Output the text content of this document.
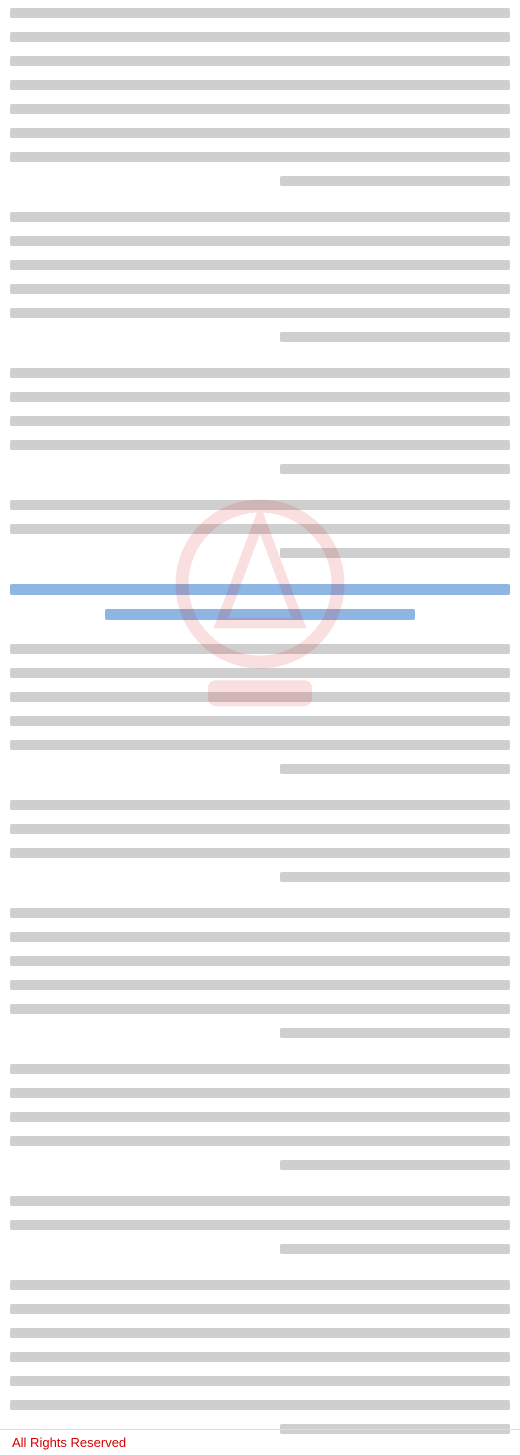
All Rights Reserved
